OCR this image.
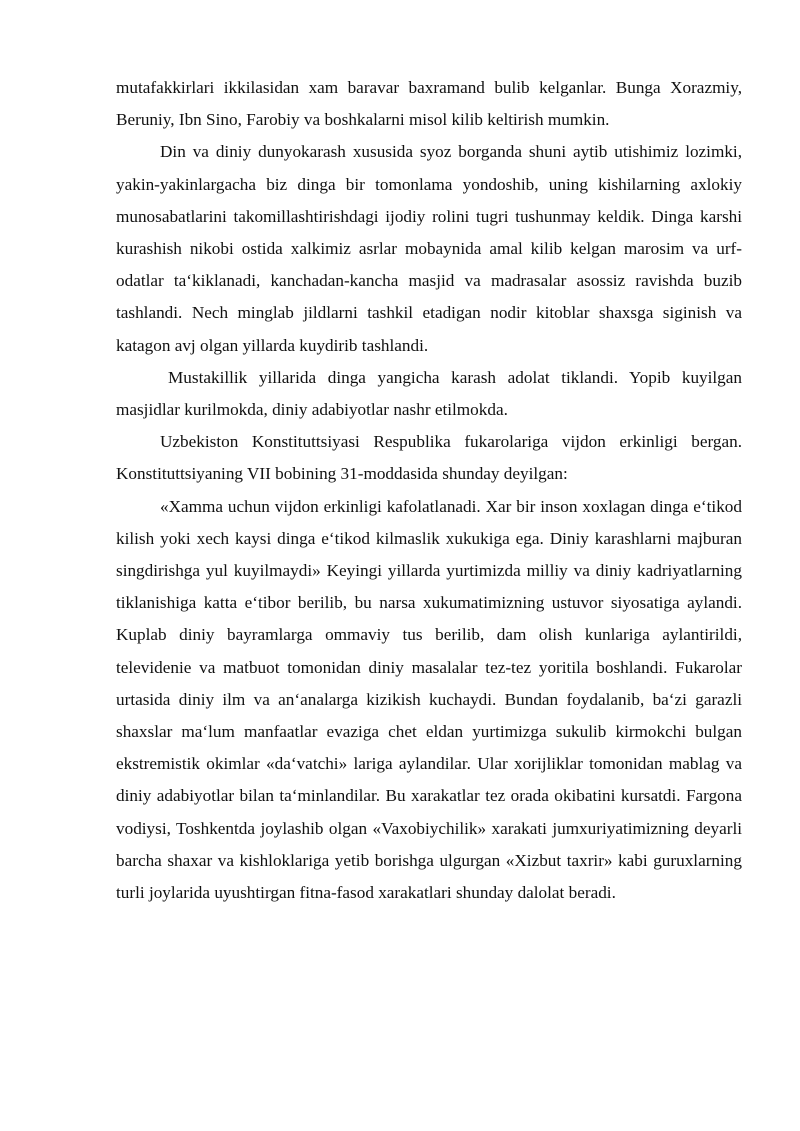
mutafakkirlari ikkilasidan xam baravar baxramand bulib kelganlar. Bunga Xorazmiy, Beruniy, Ibn Sino, Farobiy va boshkalarni misol kilib keltirish mumkin.

Din va diniy dunyokarash xususida syoz borganda shuni aytib utishimiz lozimki, yakin-yakinlargacha biz dinga bir tomonlama yondoshib, uning kishilarning axlokiy munosabatlarini takomillashtirishdagi ijodiy rolini tugri tushunmay keldik. Dinga karshi kurashish nikobi ostida xalkimiz asrlar mobaynida amal kilib kelgan marosim va urf-odatlar ta‘kiklanadi, kanchadan-kancha masjid va madrasalar asossiz ravishda buzib tashlandi. Nech minglab jildlarni tashkil etadigan nodir kitoblar shaxsga siginish va katagon avj olgan yillarda kuydirib tashlandi.

Mustakillik yillarida dinga yangicha karash adolat tiklandi. Yopib kuyilgan masjidlar kurilmokda, diniy adabiyotlar nashr etilmokda.

Uzbekiston Konstituttsiyasi Respublika fukarolariga vijdon erkinligi bergan. Konstituttsiyaning VII bobining 31-moddasida shunday deyilgan:

«Xamma uchun vijdon erkinligi kafolatlanadi. Xar bir inson xoxlagan dinga e‘tikod kilish yoki xech kaysi dinga e‘tikod kilmaslik xukukiga ega. Diniy karashlarni majburan singdirishga yul kuyilmaydi» Keyingi yillarda yurtimizda milliy va diniy kadriyatlarning tiklanishiga katta e‘tibor berilib, bu narsa xukumatimizning ustuvor siyosatiga aylandi. Kuplab diniy bayramlarga ommaviy tus berilib, dam olish kunlariga aylantirildi, televidenie va matbuot tomonidan diniy masalalar tez-tez yoritila boshlandi. Fukarolar urtasida diniy ilm va an‘analarga kizikish kuchaydi. Bundan foydalanib, ba‘zi garazli shaxslar ma‘lum manfaatlar evaziga chet eldan yurtimizga sukulib kirmokchi bulgan ekstremistik okimlar «da‘vatchi» lariga aylandilar. Ular xorijliklar tomonidan mablag va diniy adabiyotlar bilan ta‘minlandilar. Bu xarakatlar tez orada okibatini kursatdi. Fargona vodiysi, Toshkentda joylashib olgan «Vaxobiychilik» xarakati jumxuriyatimizning deyarli barcha shaxar va kishloklariga yetib borishga ulgurgan «Xizbut taxrir» kabi guruxlarning turli joylarida uyushtirgan fitna-fasod xarakatlari shunday dalolat beradi.
